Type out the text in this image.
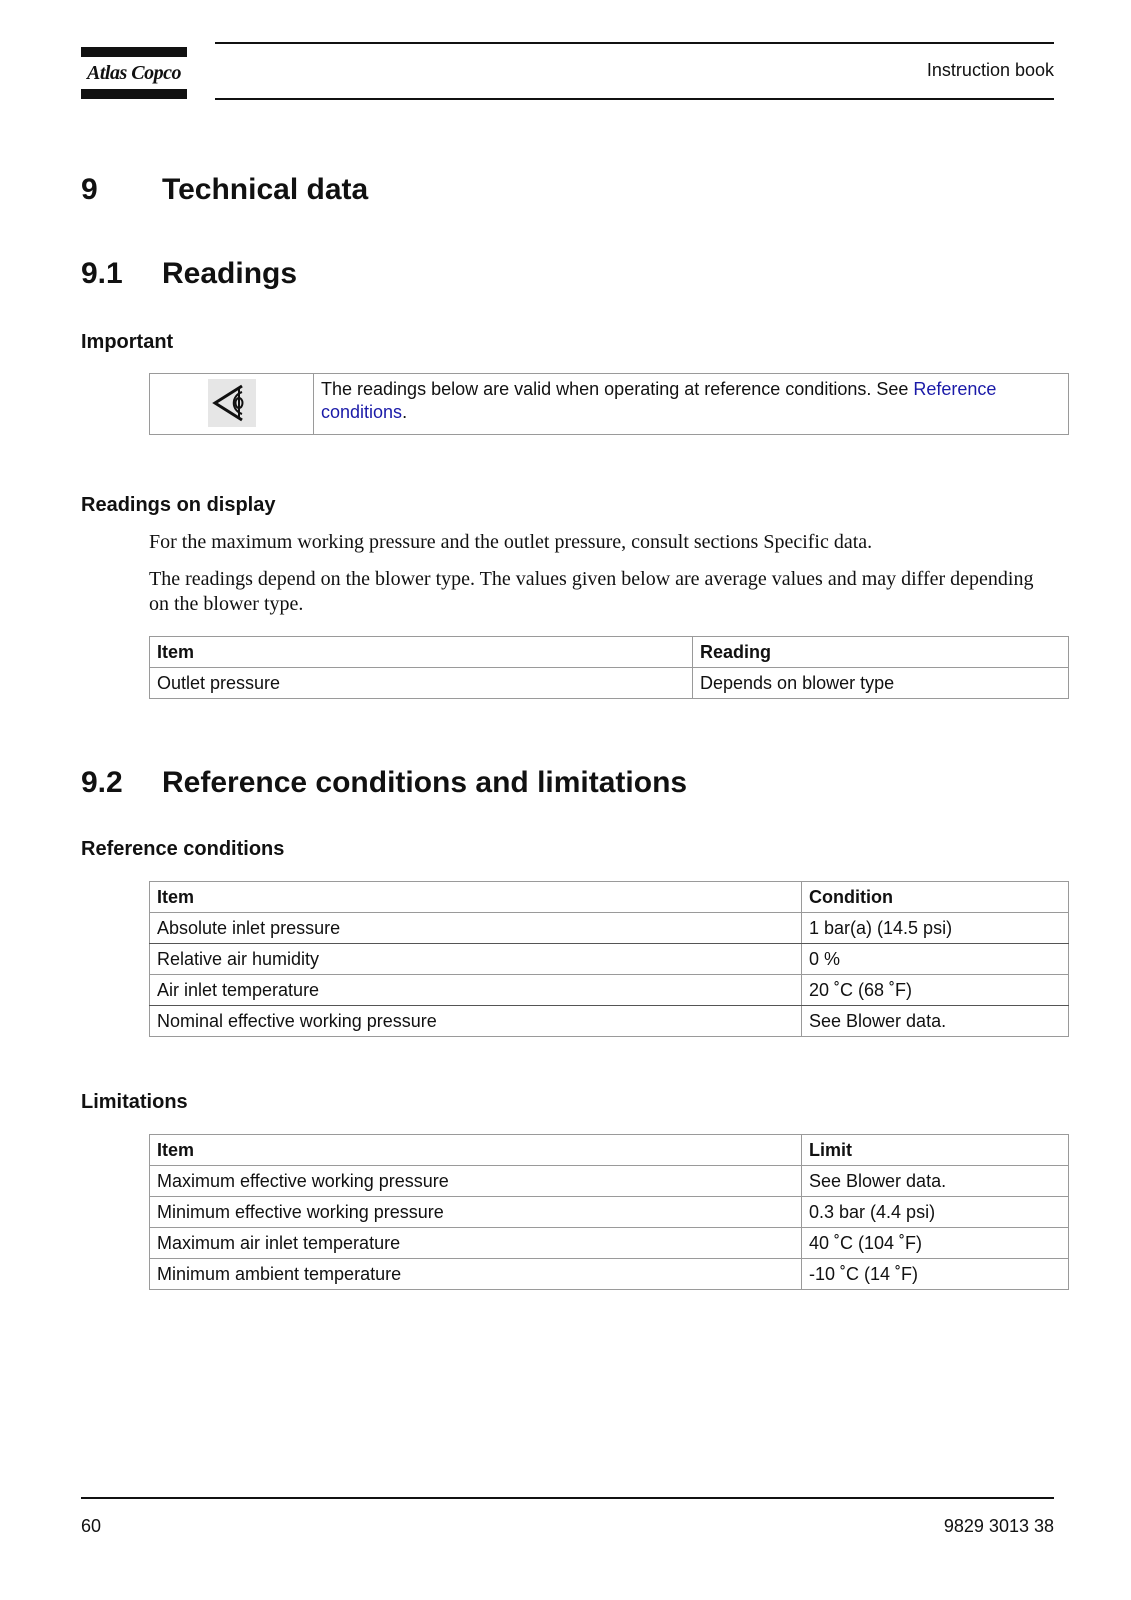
Atlas Copco	Instruction book
9 Technical data
9.1 Readings
Important
The readings below are valid when operating at reference conditions. See Reference conditions.
Readings on display
For the maximum working pressure and the outlet pressure, consult sections Specific data.
The readings depend on the blower type. The values given below are average values and may differ depending on the blower type.
Item	Reading
Outlet pressure	Depends on blower type
9.2 Reference conditions and limitations
Reference conditions
Item	Condition
Absolute inlet pressure	1 bar(a) (14.5 psi)
Relative air humidity	0 %
Air inlet temperature	20 ˚C (68 ˚F)
Nominal effective working pressure	See Blower data.
Limitations
Item	Limit
Maximum effective working pressure	See Blower data.
Minimum effective working pressure	0.3 bar (4.4 psi)
Maximum air inlet temperature	40 ˚C (104 ˚F)
Minimum ambient temperature	-10 ˚C (14 ˚F)
60	9829 3013 38
